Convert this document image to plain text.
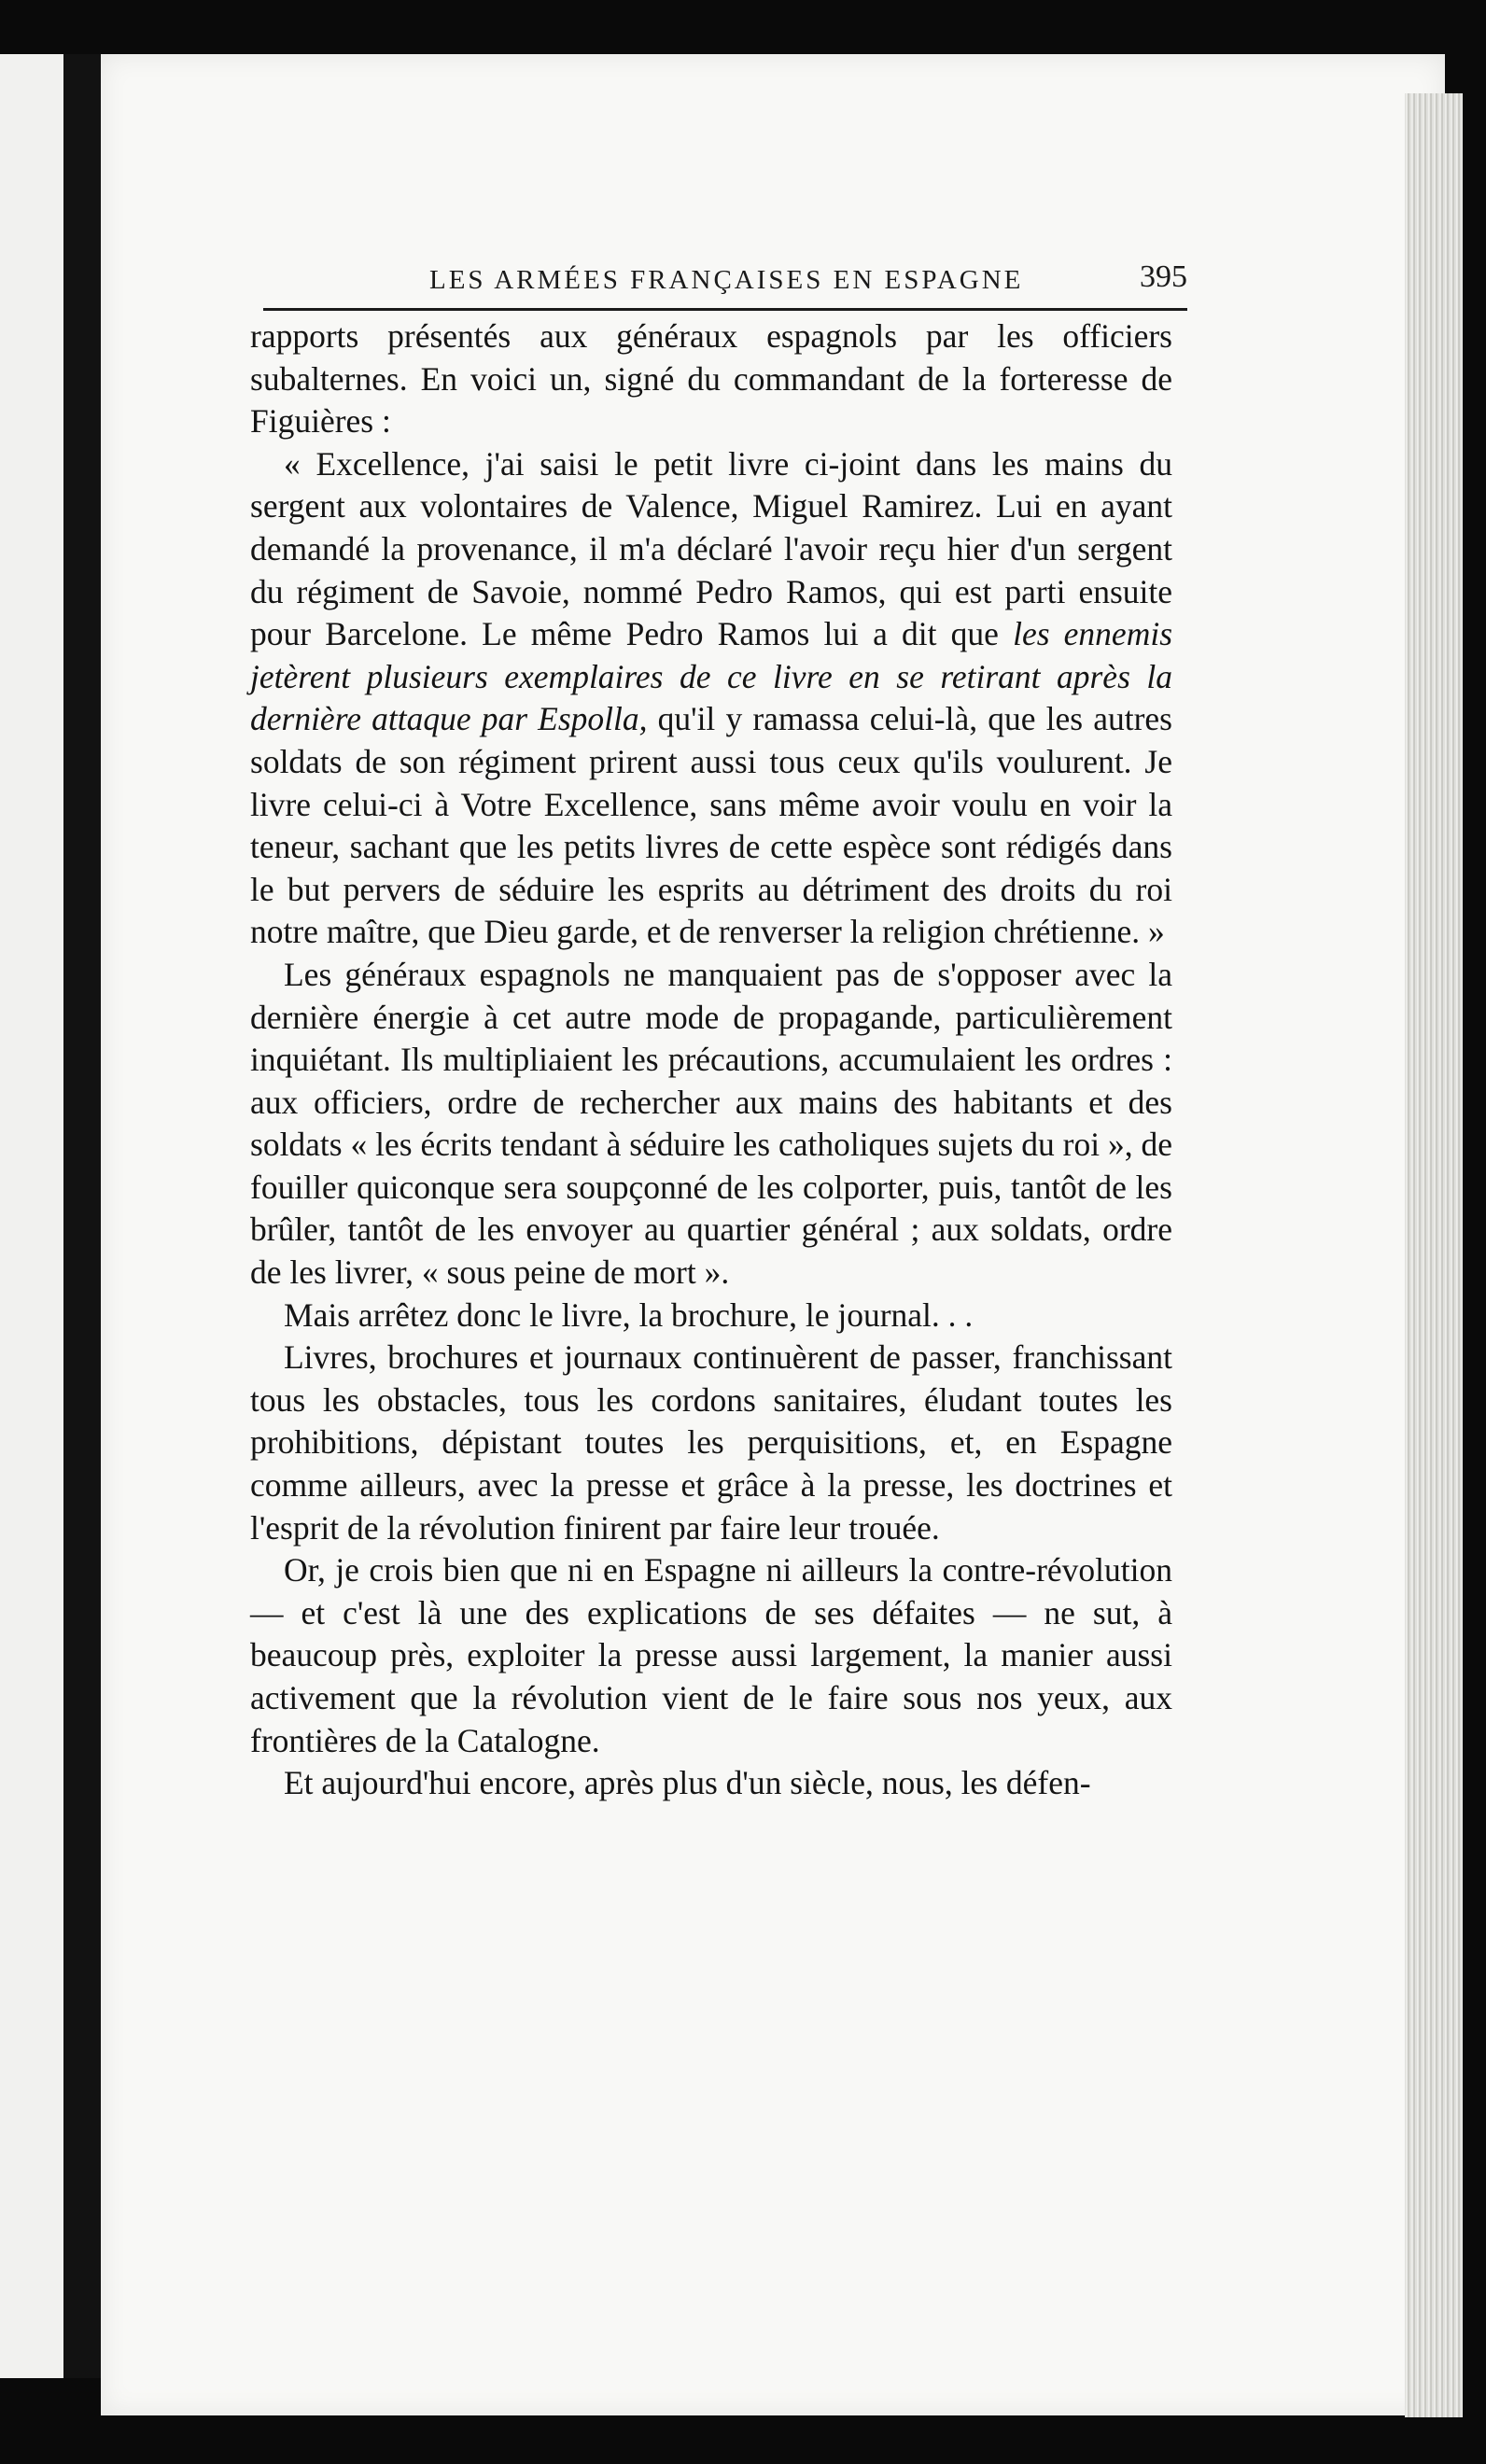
LES ARMÉES FRANÇAISES EN ESPAGNE	395

rapports présentés aux généraux espagnols par les officiers subalternes. En voici un, signé du commandant de la forteresse de Figuières :

« Excellence, j'ai saisi le petit livre ci-joint dans les mains du sergent aux volontaires de Valence, Miguel Ramirez. Lui en ayant demandé la provenance, il m'a déclaré l'avoir reçu hier d'un sergent du régiment de Savoie, nommé Pedro Ramos, qui est parti ensuite pour Barcelone. Le même Pedro Ramos lui a dit que les ennemis jetèrent plusieurs exemplaires de ce livre en se retirant après la dernière attaque par Espolla, qu'il y ramassa celui-là, que les autres soldats de son régiment prirent aussi tous ceux qu'ils voulurent. Je livre celui-ci à Votre Excellence, sans même avoir voulu en voir la teneur, sachant que les petits livres de cette espèce sont rédigés dans le but pervers de séduire les esprits au détriment des droits du roi notre maître, que Dieu garde, et de renverser la religion chrétienne. »

Les généraux espagnols ne manquaient pas de s'opposer avec la dernière énergie à cet autre mode de propagande, particulièrement inquiétant. Ils multipliaient les précautions, accumulaient les ordres : aux officiers, ordre de rechercher aux mains des habitants et des soldats « les écrits tendant à séduire les catholiques sujets du roi », de fouiller quiconque sera soupçonné de les colporter, puis, tantôt de les brûler, tantôt de les envoyer au quartier général ; aux soldats, ordre de les livrer, « sous peine de mort ».

Mais arrêtez donc le livre, la brochure, le journal. . .

Livres, brochures et journaux continuèrent de passer, franchissant tous les obstacles, tous les cordons sanitaires, éludant toutes les prohibitions, dépistant toutes les perquisitions, et, en Espagne comme ailleurs, avec la presse et grâce à la presse, les doctrines et l'esprit de la révolution finirent par faire leur trouée.

Or, je crois bien que ni en Espagne ni ailleurs la contre-révolution — et c'est là une des explications de ses défaites — ne sut, à beaucoup près, exploiter la presse aussi largement, la manier aussi activement que la révolution vient de le faire sous nos yeux, aux frontières de la Catalogne.

Et aujourd'hui encore, après plus d'un siècle, nous, les défen-
